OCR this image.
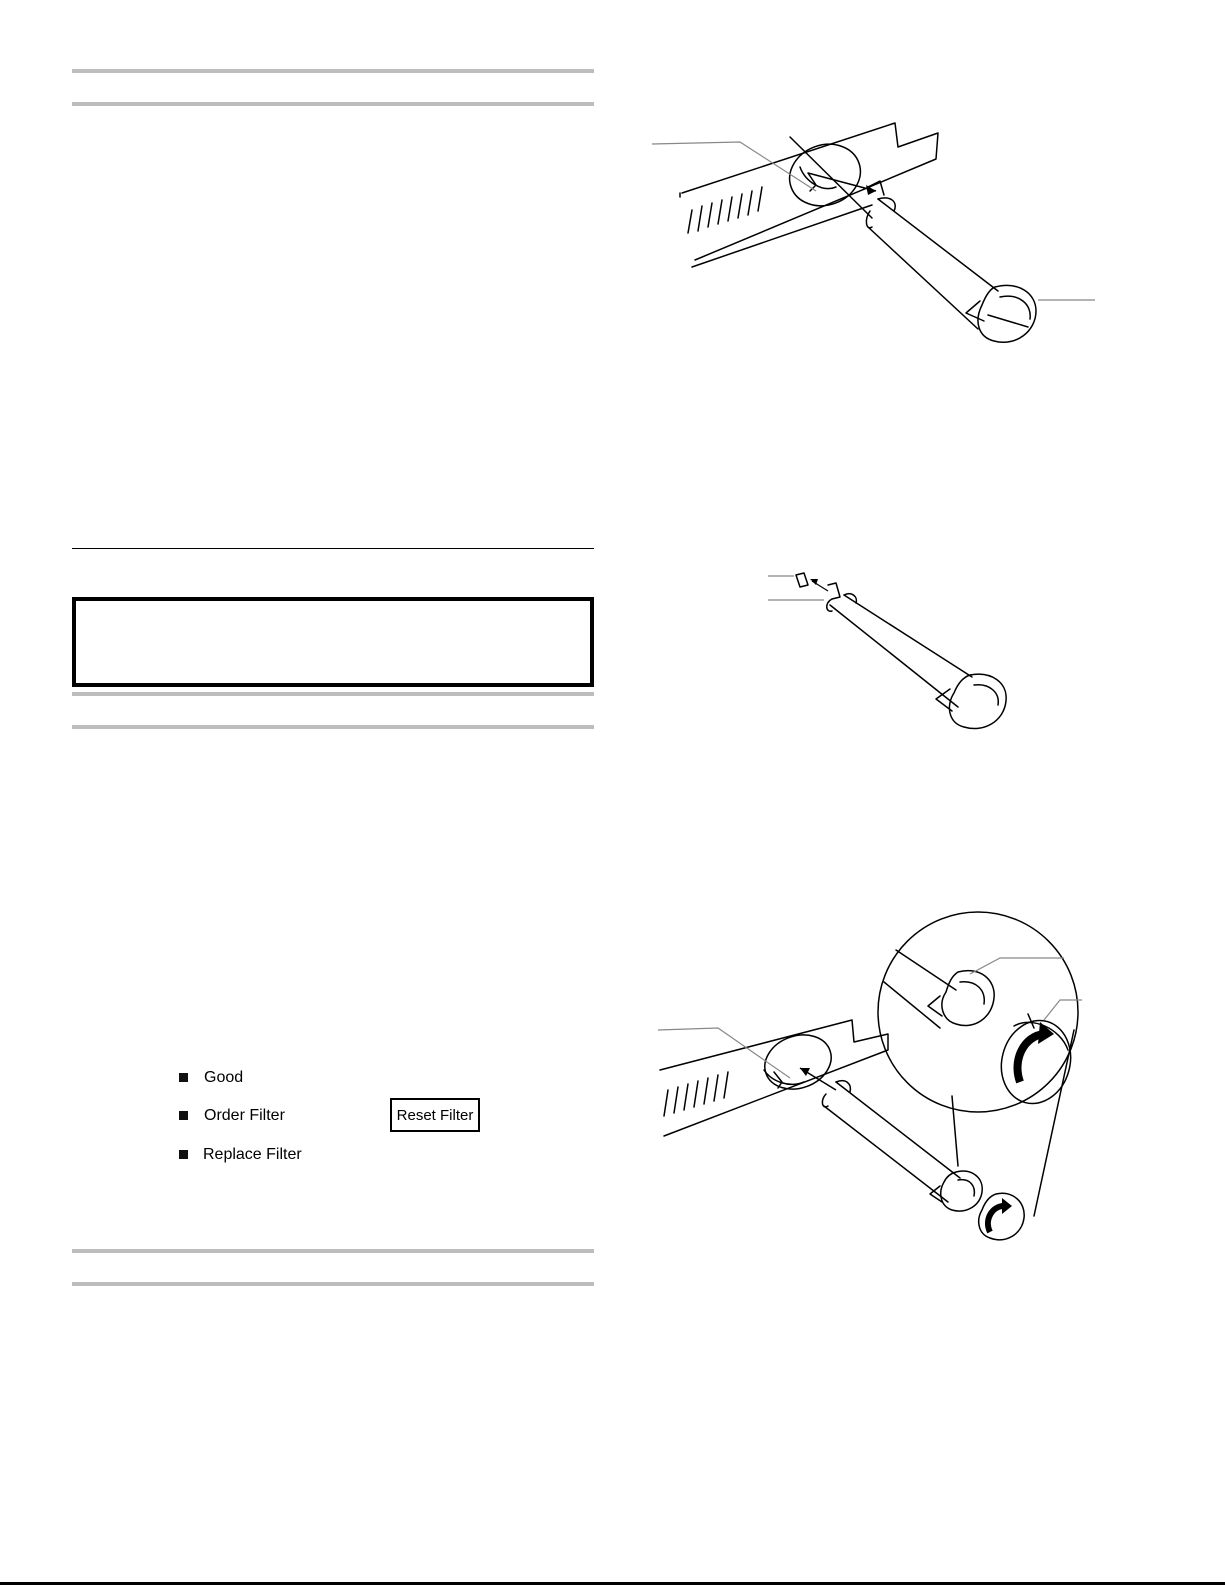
Good
Order Filter
Replace Filter
Reset Filter
